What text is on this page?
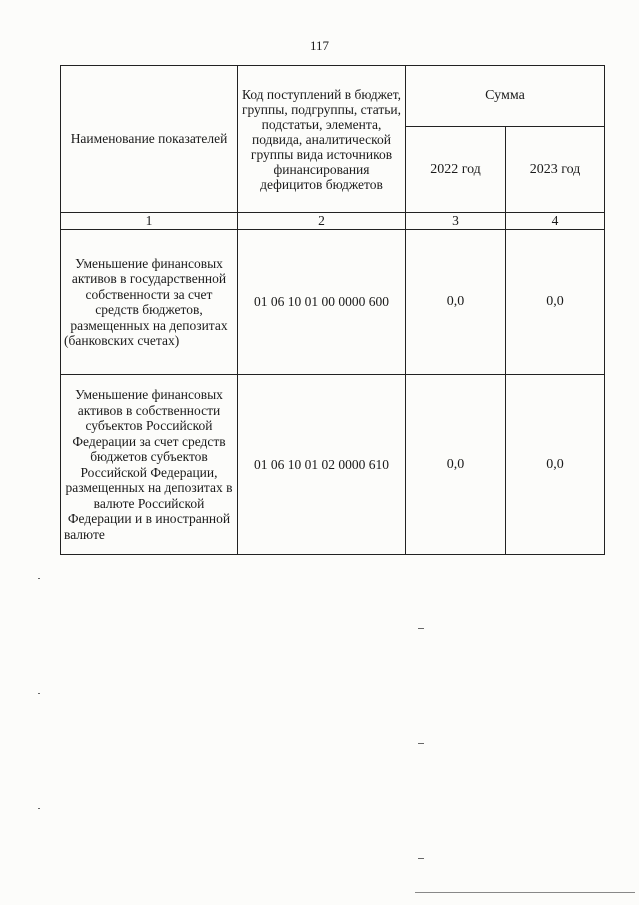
117
Наименование показателей	Код поступлений в бюджет, группы, подгруппы, статьи, подстатьи, элемента, подвида, аналитической группы вида источников финансирования дефицитов бюджетов	Сумма	
		2022 год	2023 год
1	2	3	4
Уменьшение финансовых активов в государственной собственности за счет средств бюджетов, размещенных на депозитах (банковских счетах)	01 06 10 01 00 0000 600	0,0	0,0
Уменьшение финансовых активов в собственности субъектов Российской Федерации за счет средств бюджетов субъектов Российской Федерации, размещенных на депозитах в валюте Российской Федерации и в иностранной валюте	01 06 10 01 02 0000 610	0,0	0,0
